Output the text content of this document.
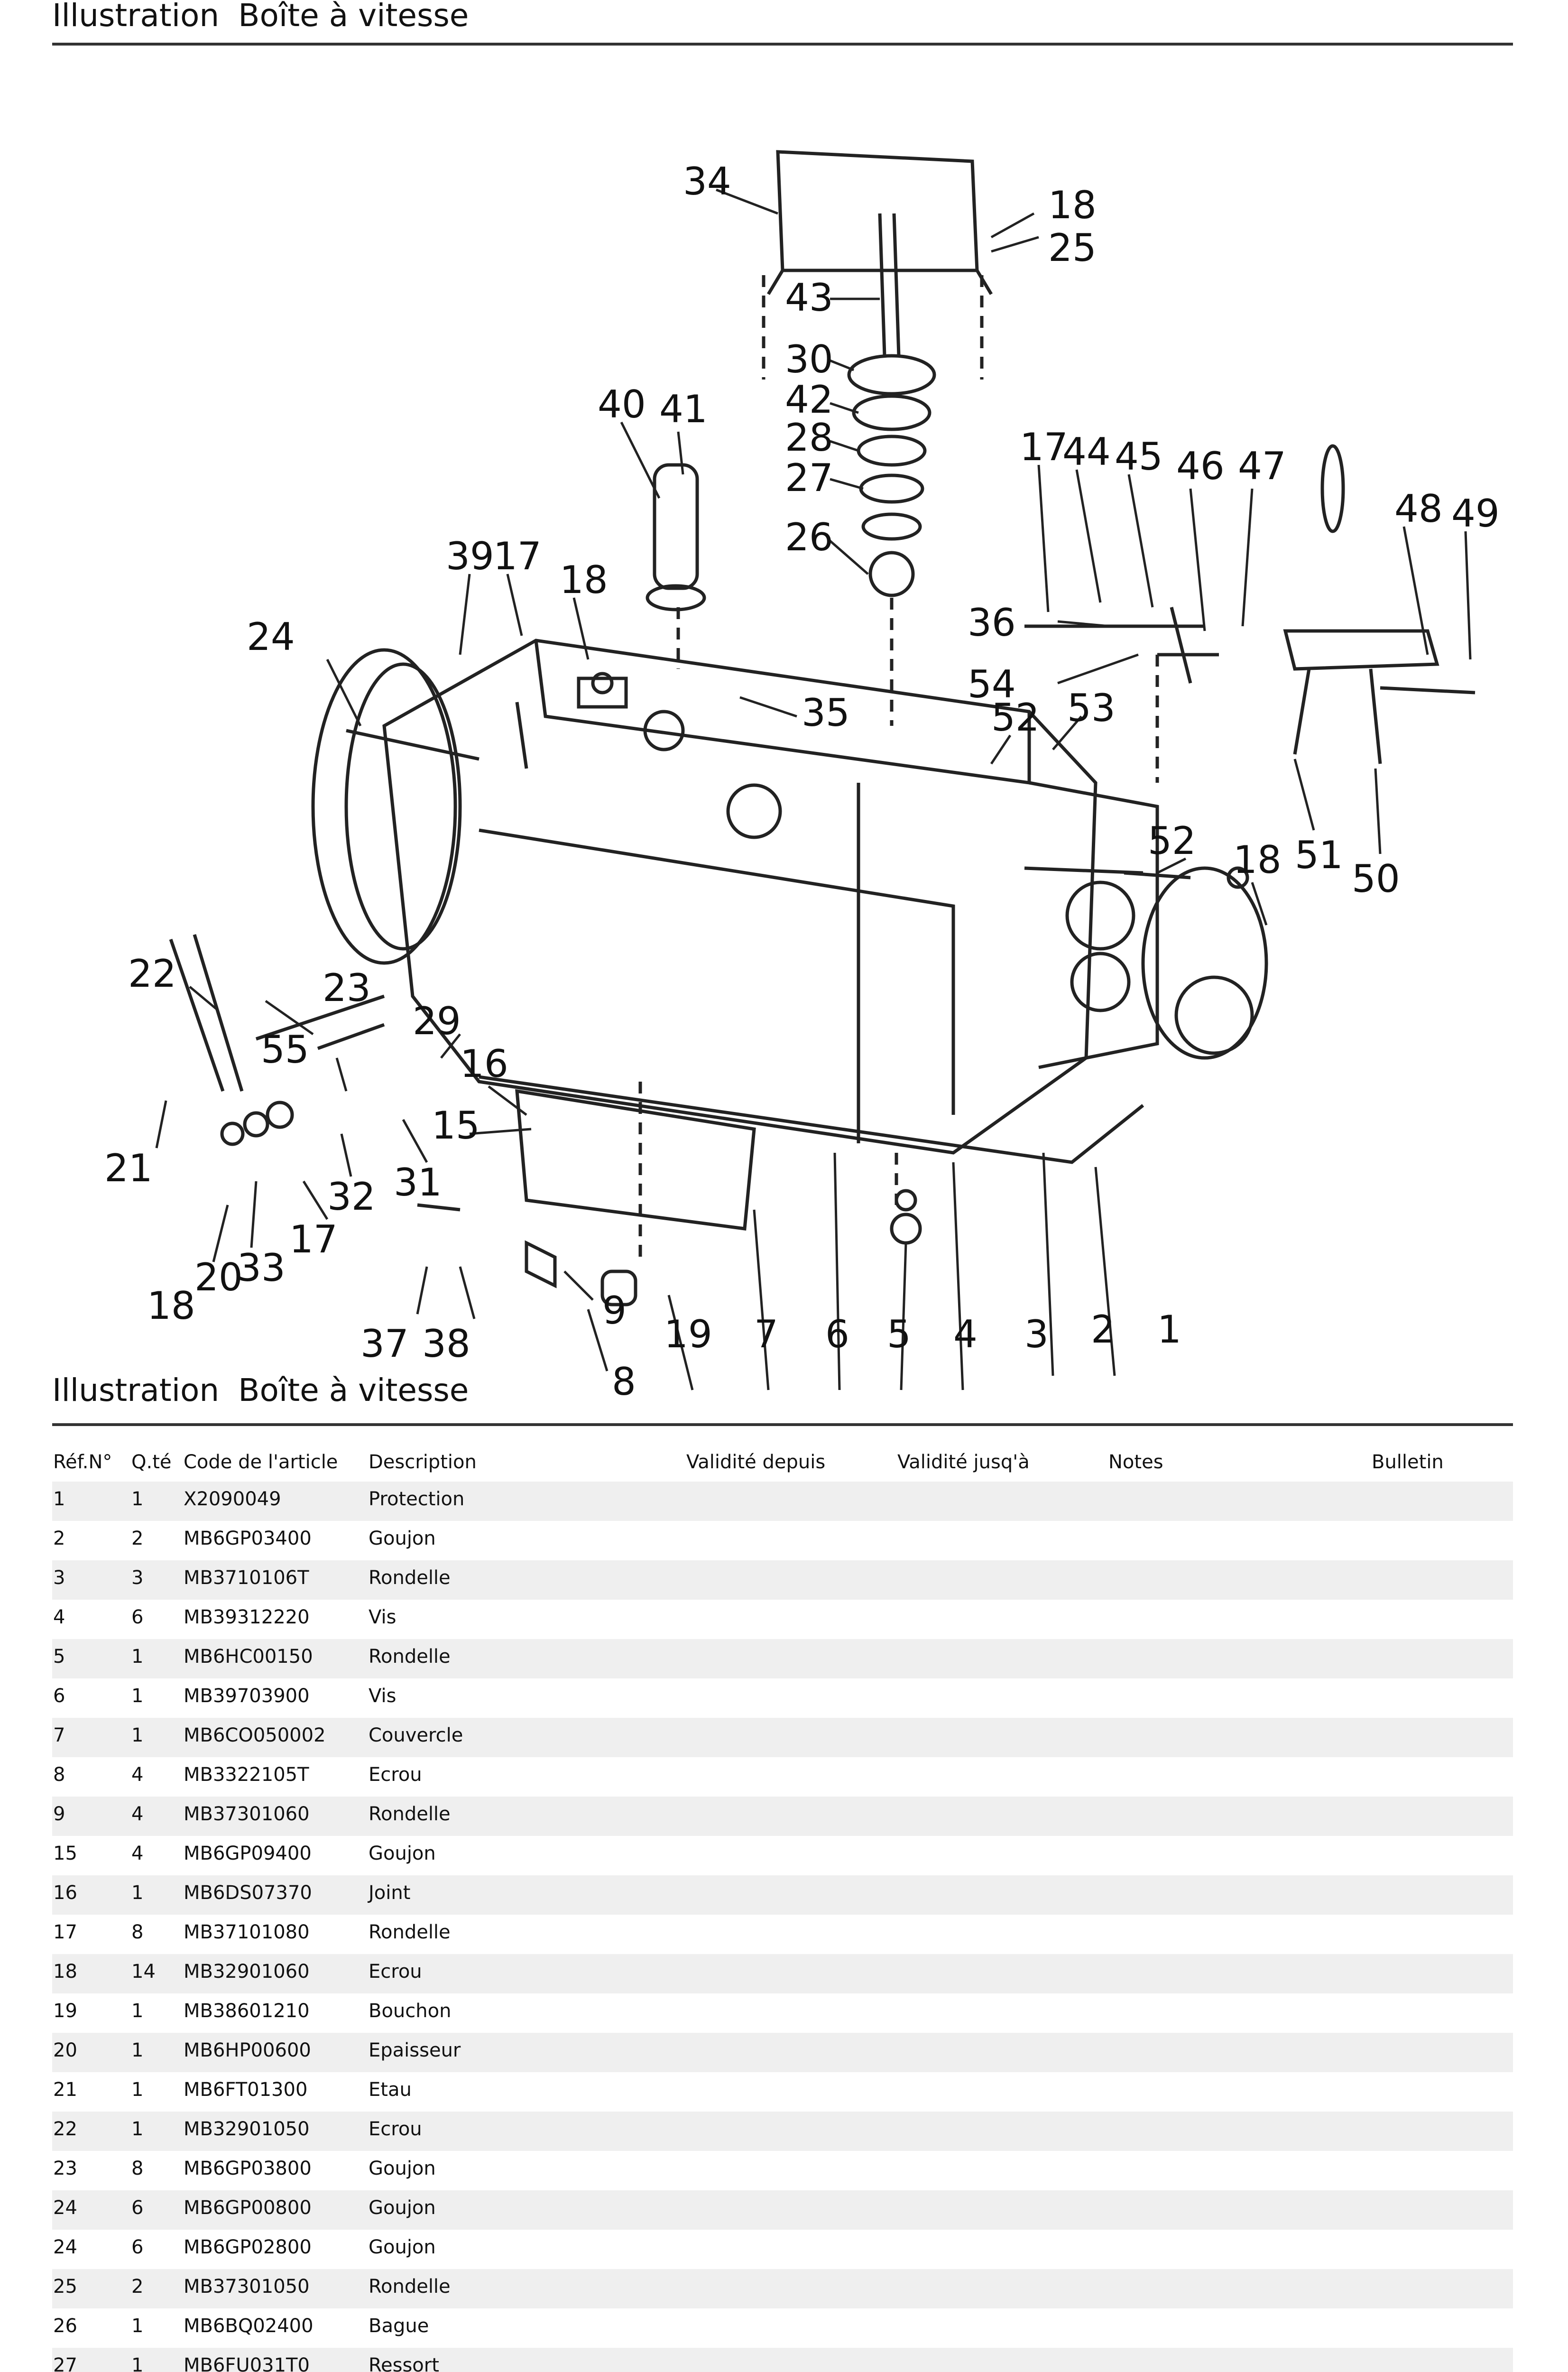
Illustration Boîte à vitesse
34
18
25
43
30
42
28
27
26
40 41
39
17
18
24
35	52 53
17
44 45 46 47
48 49
36
54
51
50
52 18
22	23
55
29
16
15
21
32 31
17
33
20
18
37 38
9
8
19 7 6 5 4 3 2 1
Illustration Boîte à vitesse
Réf.N°	Q.té	Code de l'article	Description	Validité depuis	Validité jusq'à	Notes	Bulletin
1	1	X2090049	Protection				
2	2	MB6GP03400	Goujon				
3	3	MB3710106T	Rondelle				
4	6	MB39312220	Vis				
5	1	MB6HC00150	Rondelle				
6	1	MB39703900	Vis				
7	1	MB6CO050002	Couvercle				
8	4	MB3322105T	Ecrou				
9	4	MB37301060	Rondelle				
15	4	MB6GP09400	Goujon				
16	1	MB6DS07370	Joint				
17	8	MB37101080	Rondelle				
18	14	MB32901060	Ecrou				
19	1	MB38601210	Bouchon				
20	1	MB6HP00600	Epaisseur				
21	1	MB6FT01300	Etau				
22	1	MB32901050	Ecrou				
23	8	MB6GP03800	Goujon				
24	6	MB6GP00800	Goujon				
24	6	MB6GP02800	Goujon				
25	2	MB37301050	Rondelle				
26	1	MB6BQ02400	Bague				
27	1	MB6FU031T0	Ressort				
